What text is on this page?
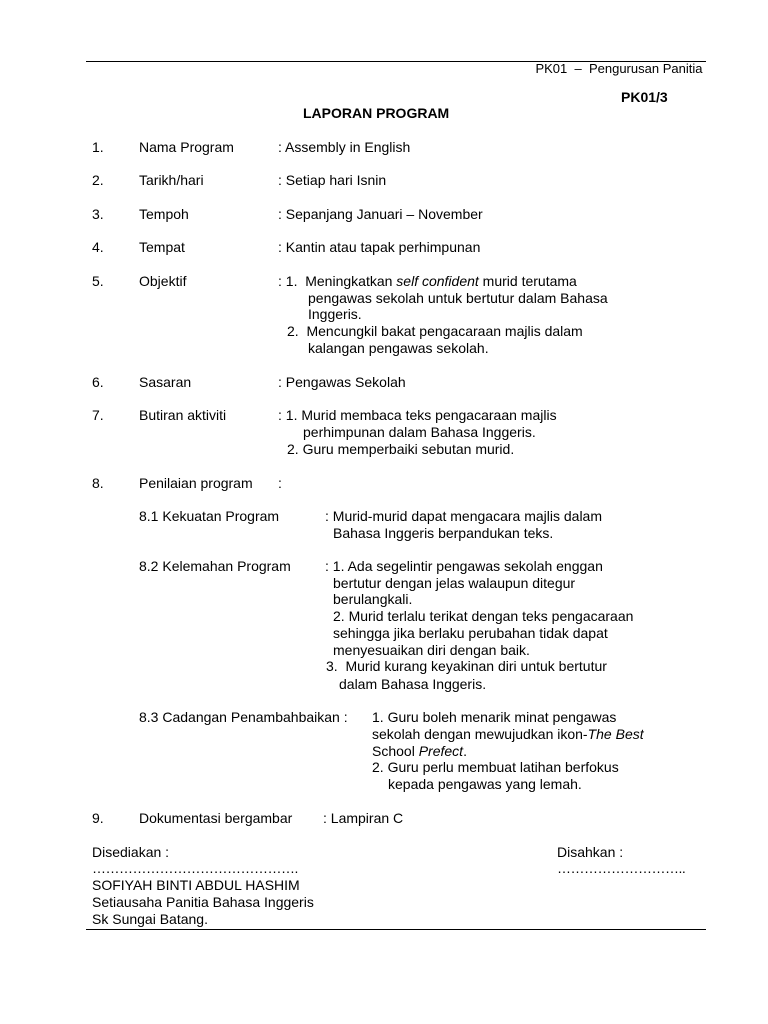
PK01 – Pengurusan Panitia

PK01/3
LAPORAN PROGRAM
1.	Nama Program	: Assembly in English
2.	Tarikh/hari	: Setiap hari Isnin
3.	Tempoh	: Sepanjang Januari – November
4.	Tempat	: Kantin atau tapak perhimpunan
5.	Objektif	: 1.  Meningkatkan self confident murid terutama
pengawas sekolah untuk bertutur dalam Bahasa
Inggeris.
2.  Mencungkil bakat pengacaraan majlis dalam
kalangan pengawas sekolah.
6.	Sasaran	: Pengawas Sekolah
7.	Butiran aktiviti	: 1. Murid membaca teks pengacaraan majlis
perhimpunan dalam Bahasa Inggeris.
2. Guru memperbaiki sebutan murid.
8.	Penilaian program :
8.1 Kekuatan Program	: Murid-murid dapat mengacara majlis dalam
Bahasa Inggeris berpandukan teks.
8.2 Kelemahan Program : 1. Ada segelintir pengawas sekolah enggan
bertutur dengan jelas walaupun ditegur
berulangkali.
2. Murid terlalu terikat dengan teks pengacaraan
sehingga jika berlaku perubahan tidak dapat
menyesuaikan diri dengan baik.
3.  Murid kurang keyakinan diri untuk bertutur
dalam Bahasa Inggeris.
8.3 Cadangan Penambahbaikan : 1. Guru boleh menarik minat pengawas
sekolah dengan mewujudkan ikon-The Best
School Prefect.
2. Guru perlu membuat latihan berfokus
kepada pengawas yang lemah.
9.	Dokumentasi bergambar : Lampiran C
Disediakan :
……………………………………….
SOFIYAH BINTI ABDUL HASHIM
Setiausaha Panitia Bahasa Inggeris
Sk Sungai Batang.
Disahkan :
………………………..
